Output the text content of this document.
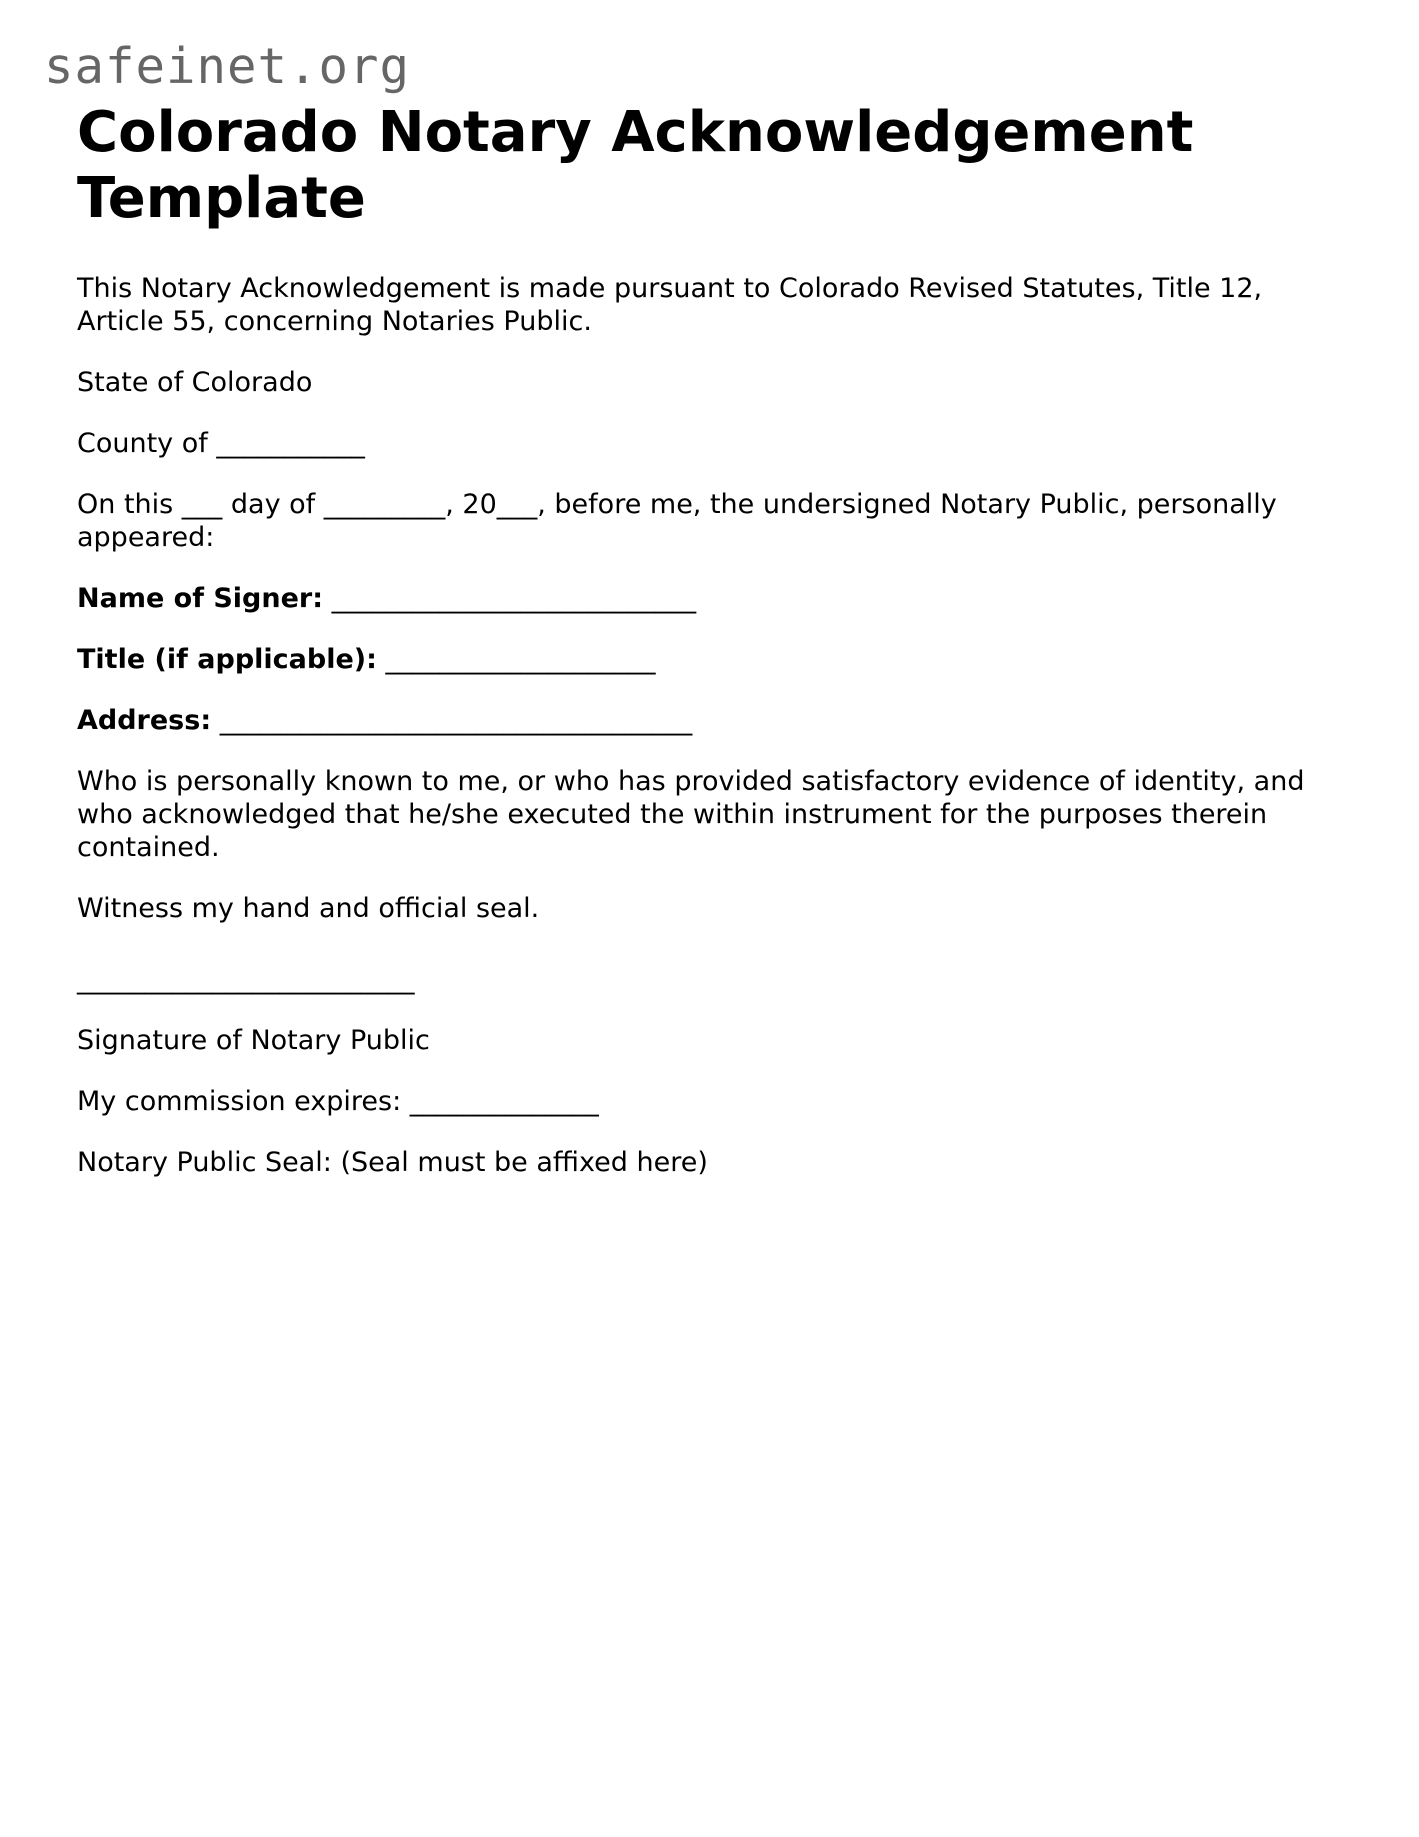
safeinet.org
Colorado Notary Acknowledgement Template

This Notary Acknowledgement is made pursuant to Colorado Revised Statutes, Title 12, Article 55, concerning Notaries Public.

State of Colorado

County of ___________

On this ___ day of _________, 20___, before me, the undersigned Notary Public, personally appeared:

Name of Signer: ___________________________

Title (if applicable): ____________________

Address: ___________________________________

Who is personally known to me, or who has provided satisfactory evidence of identity, and who acknowledged that he/she executed the within instrument for the purposes therein contained.

Witness my hand and official seal.

_________________________

Signature of Notary Public

My commission expires: ______________

Notary Public Seal: (Seal must be affixed here)
